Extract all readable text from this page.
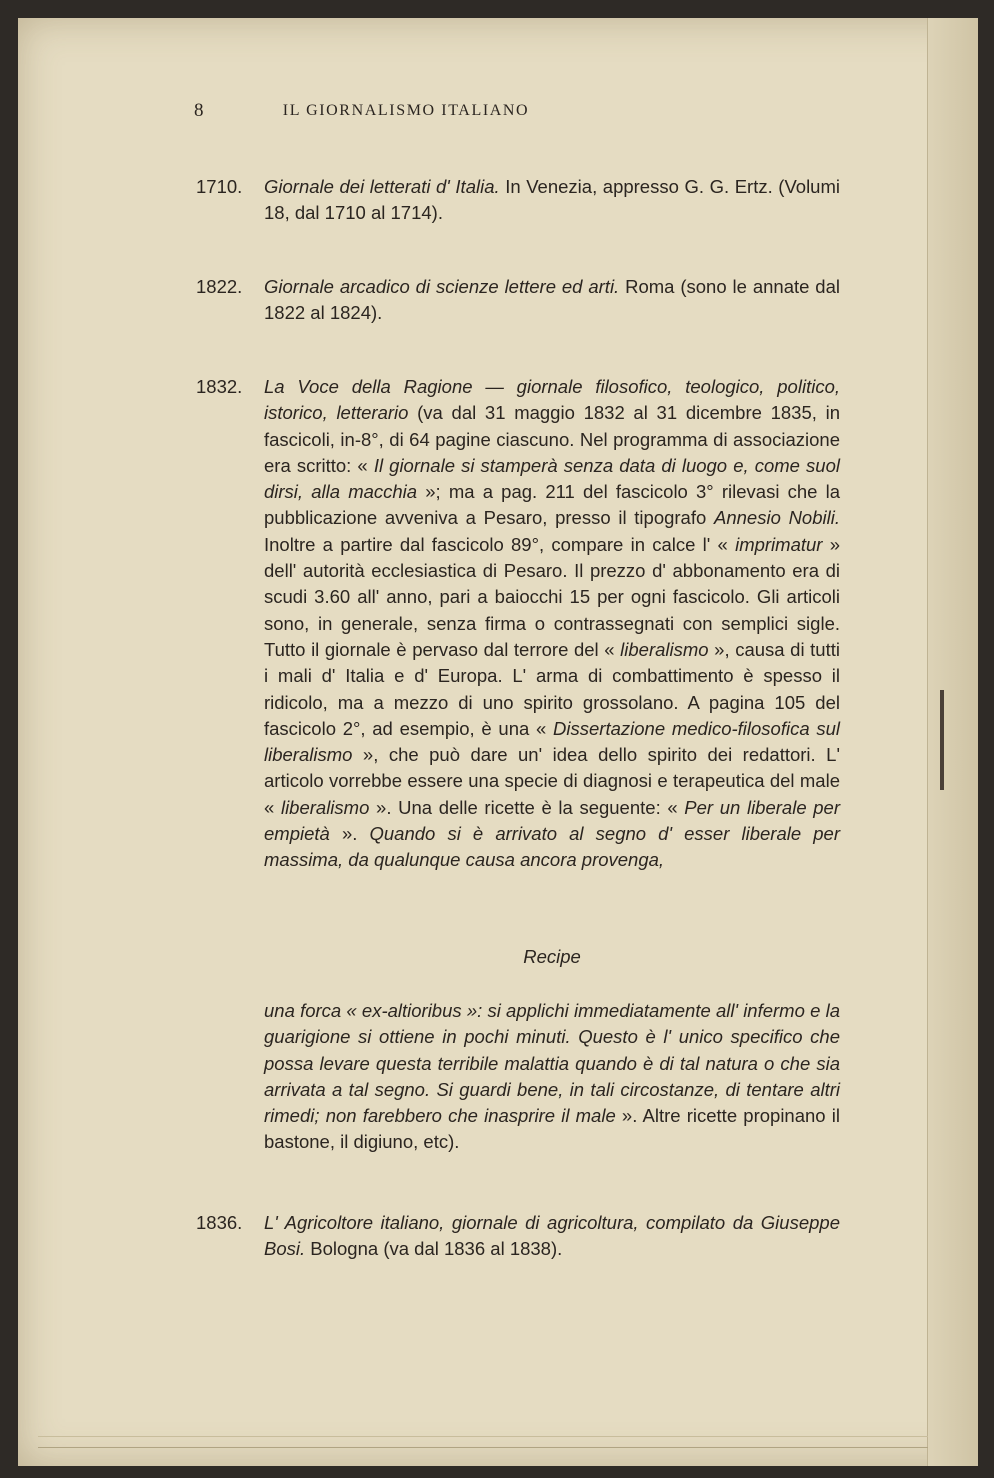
8	IL GIORNALISMO ITALIANO
1710.	Giornale dei letterati d' Italia. In Venezia, appresso G. G. Ertz. (Volumi 18, dal 1710 al 1714).

1822.	Giornale arcadico di scienze lettere ed arti. Roma (sono le annate dal 1822 al 1824).

1832.	La Voce della Ragione — giornale filosofico, teologico, politico, istorico, letterario (va dal 31 maggio 1832 al 31 dicembre 1835, in fascicoli, in-8°, di 64 pagine ciascuno. Nel programma di associazione era scritto: « Il giornale si stamperà senza data di luogo e, come suol dirsi, alla macchia »; ma a pag. 211 del fascicolo 3° rilevasi che la pubblicazione avveniva a Pesaro, presso il tipografo Annesio Nobili. Inoltre a partire dal fascicolo 89°, compare in calce l' « imprimatur » dell' autorità ecclesiastica di Pesaro. Il prezzo d' abbonamento era di scudi 3.60 all' anno, pari a baiocchi 15 per ogni fascicolo. Gli articoli sono, in generale, senza firma o contrassegnati con semplici sigle. Tutto il giornale è pervaso dal terrore del « liberalismo », causa di tutti i mali d' Italia e d' Europa. L' arma di combattimento è spesso il ridicolo, ma a mezzo di uno spirito grossolano. A pagina 105 del fascicolo 2°, ad esempio, è una « Dissertazione medico-filosofica sul liberalismo », che può dare un' idea dello spirito dei redattori. L' articolo vorrebbe essere una specie di diagnosi e terapeutica del male « liberalismo ». Una delle ricette è la seguente: « Per un liberale per empietà ». Quando si è arrivato al segno d' esser liberale per massima, da qualunque causa ancora provenga,

Recipe
una forca « ex-altioribus »: si applichi immediatamente all' infermo e la guarigione si ottiene in pochi minuti. Questo è l' unico specifico che possa levare questa terribile malattia quando è di tal natura o che sia arrivata a tal segno. Si guardi bene, in tali circostanze, di tentare altri rimedi; non farebbero che inasprire il male ». Altre ricette propinano il bastone, il digiuno, etc).
1836.	L' Agricoltore italiano, giornale di agricoltura, compilato da Giuseppe Bosi. Bologna (va dal 1836 al 1838).
